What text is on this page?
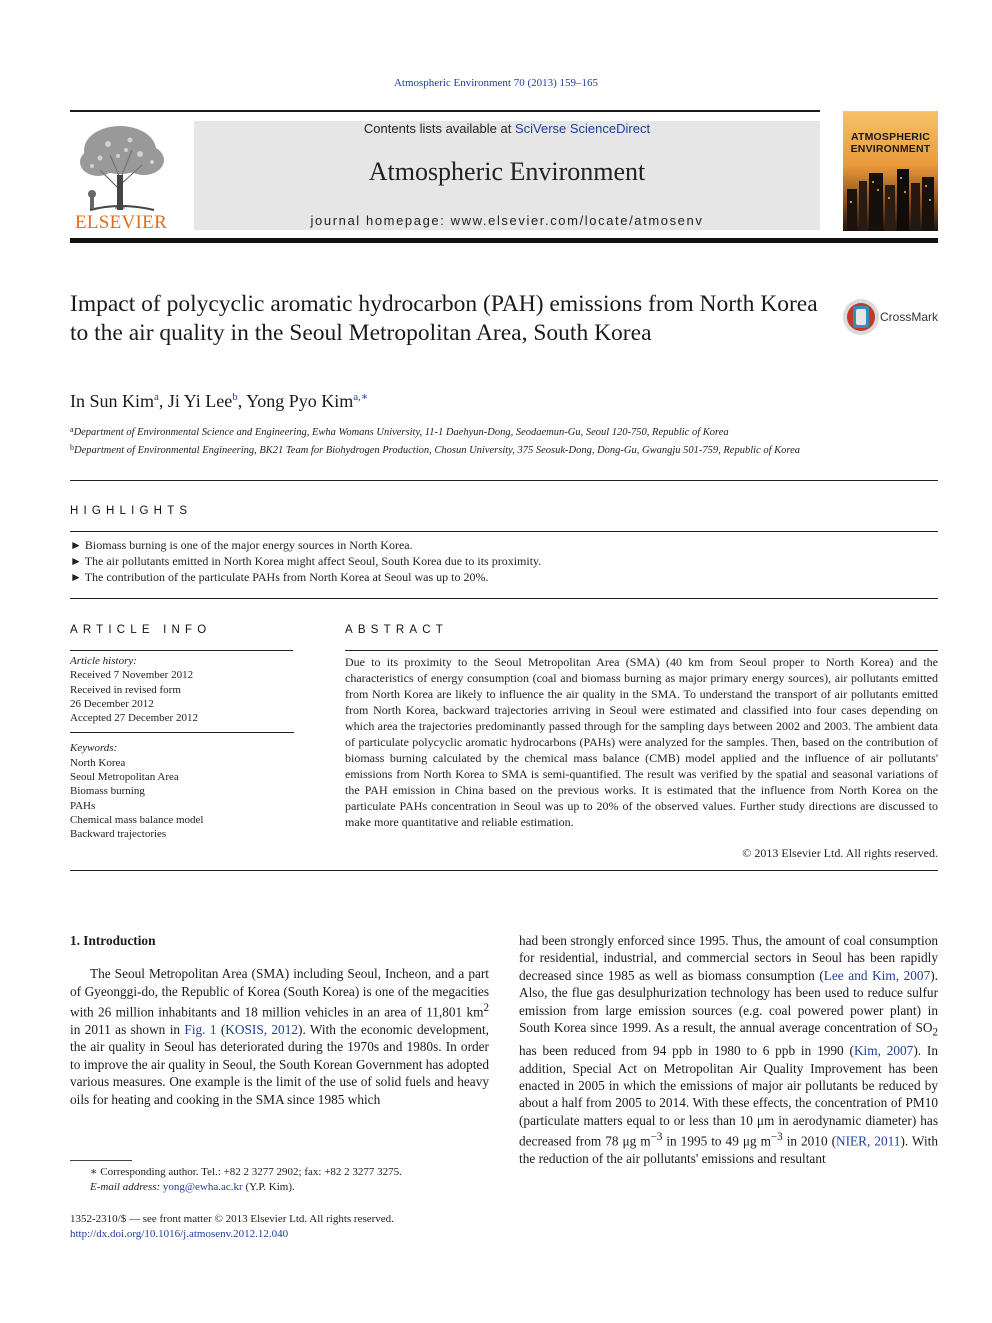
Atmospheric Environment 70 (2013) 159–165
ELSEVIER
Contents lists available at SciVerse ScienceDirect
Atmospheric Environment
journal homepage: www.elsevier.com/locate/atmosenv
ATMOSPHERIC
ENVIRONMENT
Impact of polycyclic aromatic hydrocarbon (PAH) emissions from North Korea to the air quality in the Seoul Metropolitan Area, South Korea
CrossMark
In Sun Kim$^a$, Ji Yi Lee$^b$, Yong Pyo Kim$^{a,∗}$
$^a$Department of Environmental Science and Engineering, Ewha Womans University, 11-1 Daehyun-Dong, Seodaemun-Gu, Seoul 120-750, Republic of Korea
$^b$Department of Environmental Engineering, BK21 Team for Biohydrogen Production, Chosun University, 375 Seosuk-Dong, Dong-Gu, Gwangju 501-759, Republic of Korea
HIGHLIGHTS
► Biomass burning is one of the major energy sources in North Korea.
► The air pollutants emitted in North Korea might affect Seoul, South Korea due to its proximity.
► The contribution of the particulate PAHs from North Korea at Seoul was up to 20%.
ARTICLE INFO
Article history:
Received 7 November 2012
Received in revised form
26 December 2012
Accepted 27 December 2012
Keywords:
North Korea
Seoul Metropolitan Area
Biomass burning
PAHs
Chemical mass balance model
Backward trajectories
ABSTRACT
Due to its proximity to the Seoul Metropolitan Area (SMA) (40 km from Seoul proper to North Korea) and the characteristics of energy consumption (coal and biomass burning as major primary energy sources), air pollutants emitted from North Korea are likely to influence the air quality in the SMA. To understand the transport of air pollutants emitted from North Korea, backward trajectories arriving in Seoul were estimated and classified into four cases depending on which area the trajectories predominantly passed through for the sampling days between 2002 and 2003. The ambient data of particulate polycyclic aromatic hydrocarbons (PAHs) were analyzed for the samples. Then, based on the contribution of biomass burning calculated by the chemical mass balance (CMB) model applied and the influence of air pollutants' emissions from North Korea to SMA is semi-quantified. The result was verified by the spatial and seasonal variations of the PAH emission in China based on the previous works. It is estimated that the influence from North Korea on the particulate PAHs concentration in Seoul was up to 20% of the observed values. Further study directions are discussed to make more quantitative and reliable estimation.
© 2013 Elsevier Ltd. All rights reserved.
1. Introduction

The Seoul Metropolitan Area (SMA) including Seoul, Incheon, and a part of Gyeonggi-do, the Republic of Korea (South Korea) is one of the megacities with 26 million inhabitants and 18 million vehicles in an area of 11,801 $km^2$ in 2011 as shown in Fig. 1 (KOSIS, 2012). With the economic development, the air quality in Seoul has deteriorated during the 1970s and 1980s. In order to improve the air quality in Seoul, the South Korean Government has adopted various measures. One example is the limit of the use of solid fuels and heavy oils for heating and cooking in the SMA since 1985 which

had been strongly enforced since 1995. Thus, the amount of coal consumption for residential, industrial, and commercial sectors in Seoul has been rapidly decreased since 1985 as well as biomass consumption (Lee and Kim, 2007). Also, the flue gas desulphurization technology has been used to reduce sulfur emission from large emission sources (e.g. coal powered power plant) in South Korea since 1999. As a result, the annual average concentration of $SO_2$ has been reduced from 94 ppb in 1980 to 6 ppb in 1990 (Kim, 2007). In addition, Special Act on Metropolitan Air Quality Improvement has been enacted in 2005 in which the emissions of major air pollutants be reduced by about a half from 2005 to 2014. With these effects, the concentration of PM10 (particulate matters equal to or less than 10 μm in aerodynamic diameter) has decreased from 78 μg $m^{-3}$ in 1995 to 49 μg $m^{-3}$ in 2010 (NIER, 2011). With the reduction of the air pollutants' emissions and resultant

∗ Corresponding author. Tel.: +82 2 3277 2902; fax: +82 2 3277 3275.
E-mail address: yong@ewha.ac.kr (Y.P. Kim).
1352-2310/$ — see front matter © 2013 Elsevier Ltd. All rights reserved.
http://dx.doi.org/10.1016/j.atmosenv.2012.12.040
